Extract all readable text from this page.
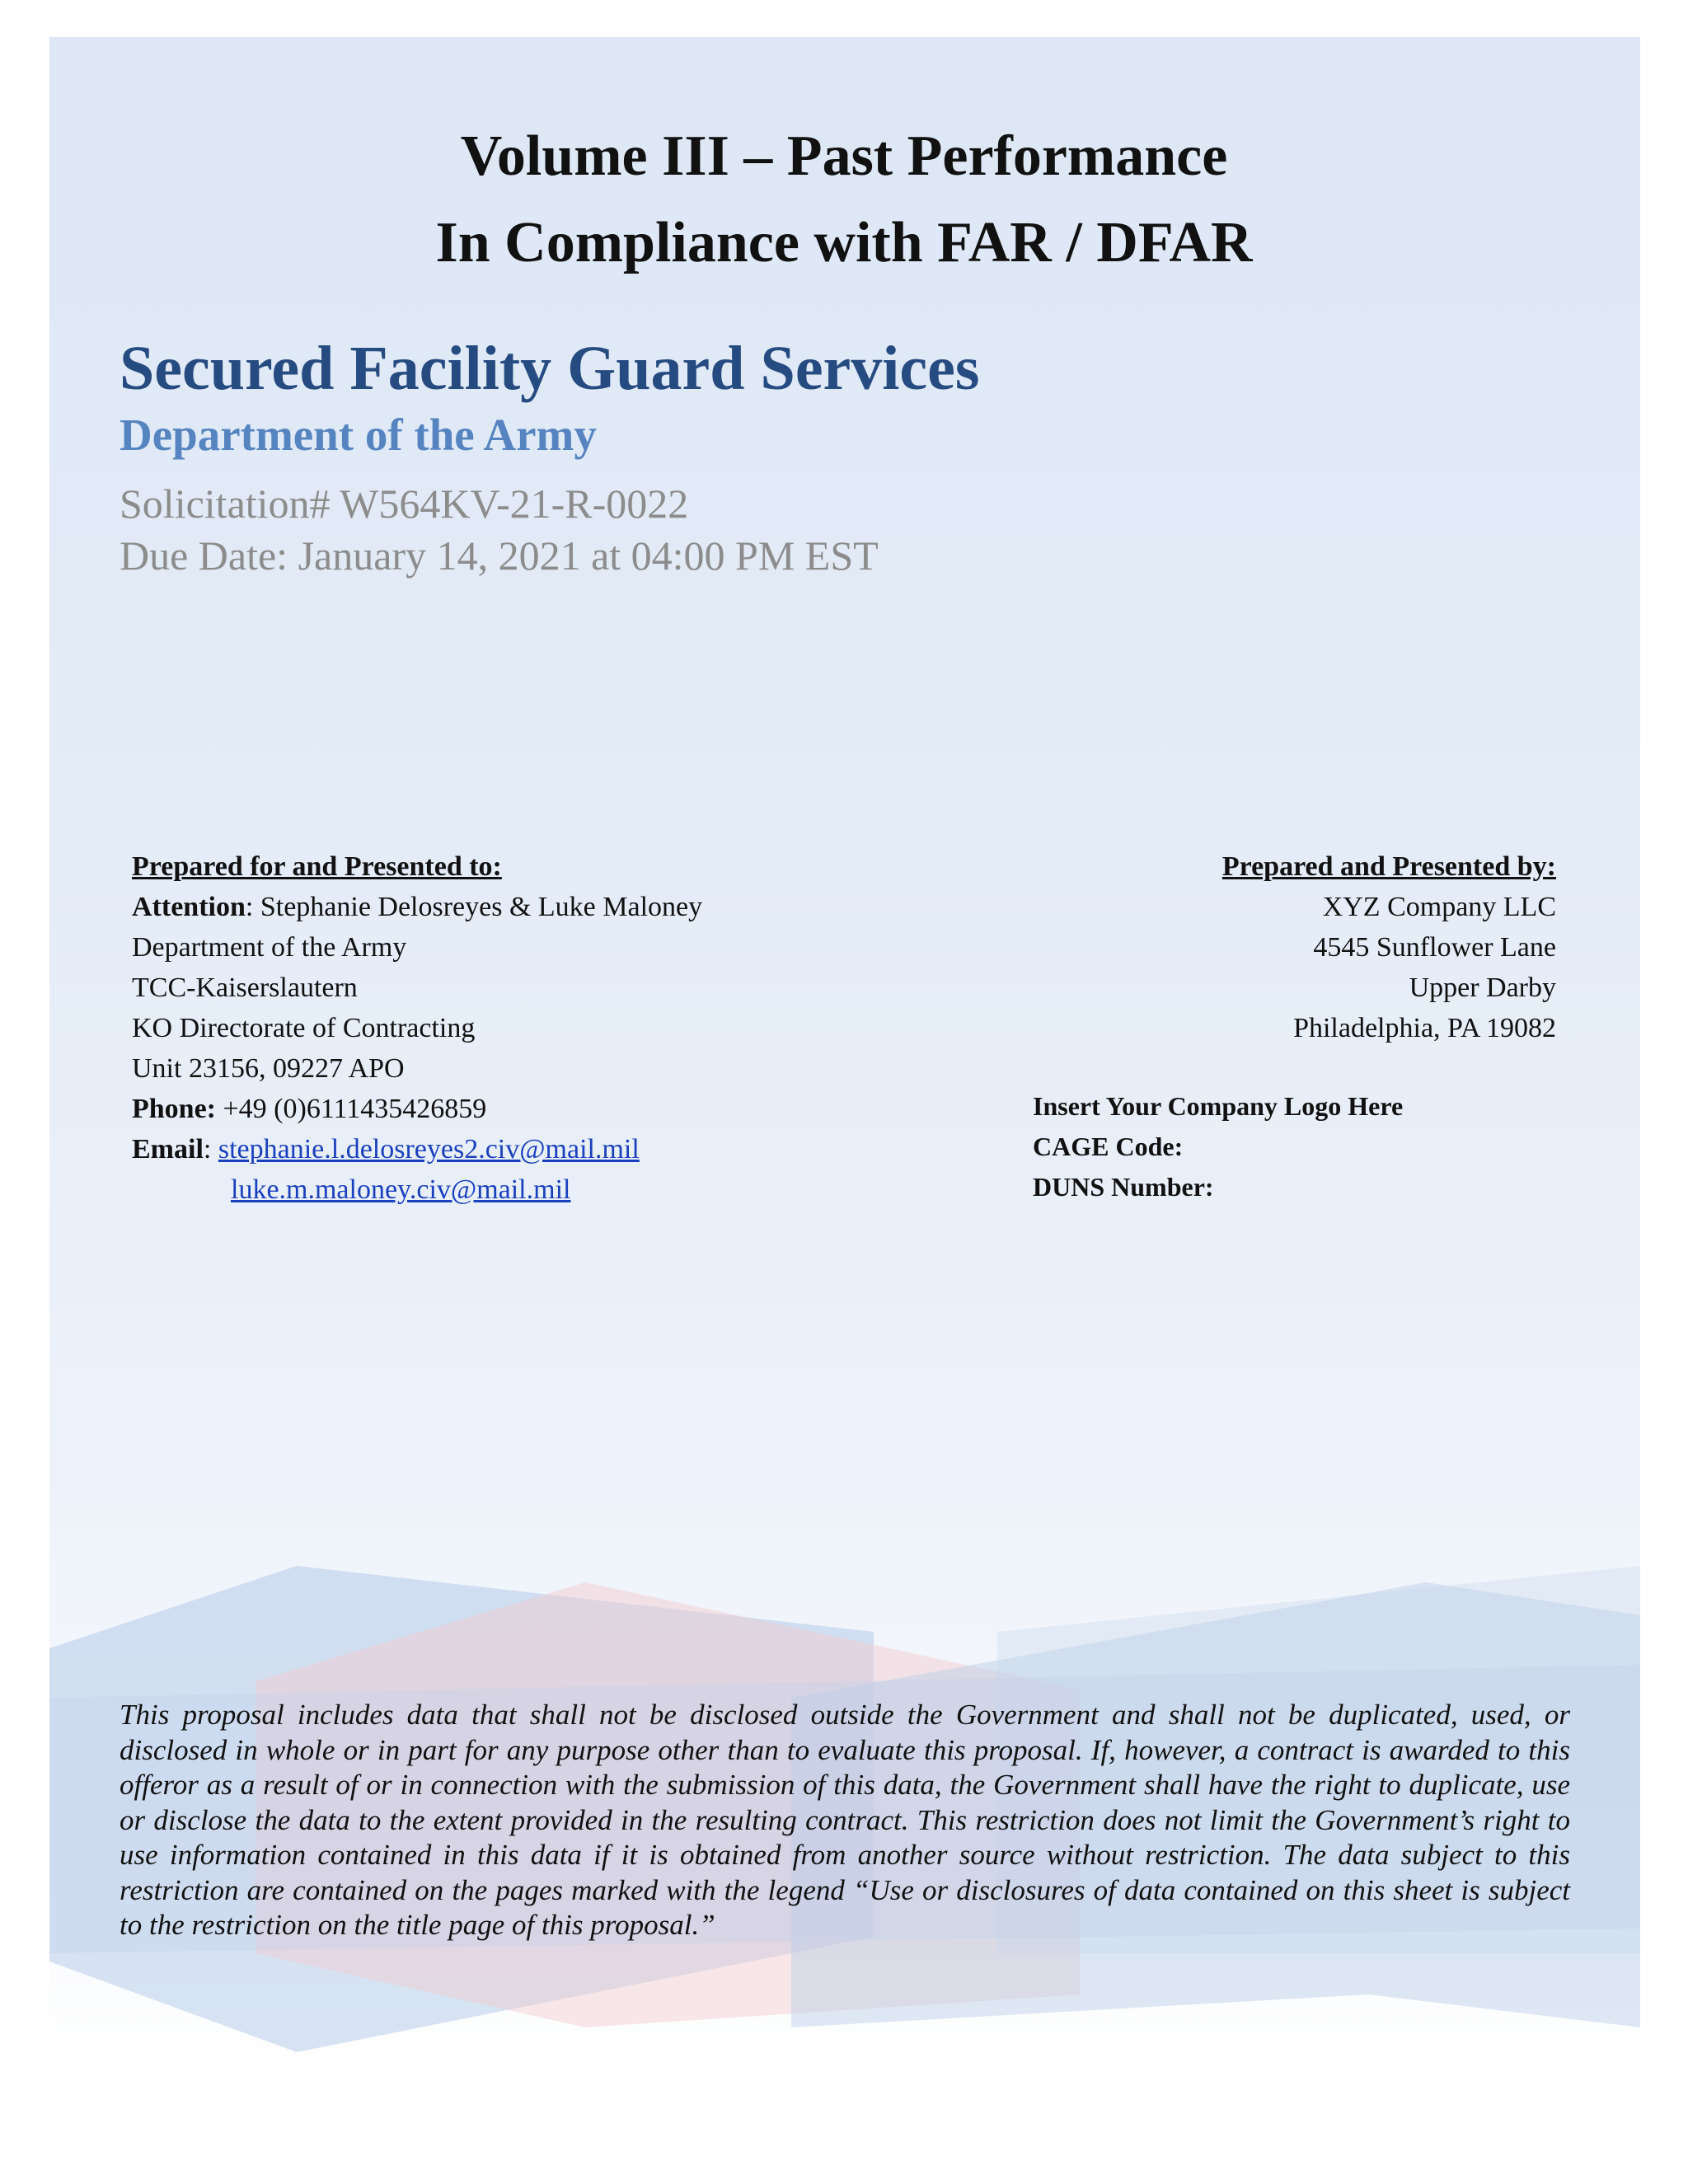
Volume III – Past Performance
In Compliance with FAR / DFAR
Secured Facility Guard Services
Department of the Army

Solicitation# W564KV-21-R-0022

Due Date: January 14, 2021 at 04:00 PM EST

Prepared for and Presented to:
Attention: Stephanie Delosreyes & Luke Maloney
Department of the Army
TCC-Kaiserslautern
KO Directorate of Contracting
Unit 23156, 09227 APO
Phone: +49 (0)6111435426859
Email: stephanie.l.delosreyes2.civ@mail.mil
luke.m.maloney.civ@mail.mil
Prepared and Presented by:
XYZ Company LLC
4545 Sunflower Lane
Upper Darby
Philadelphia, PA 19082
Insert Your Company Logo Here
CAGE Code:
DUNS Number:

This proposal includes data that shall not be disclosed outside the Government and shall not be duplicated, used, or disclosed in whole or in part for any purpose other than to evaluate this proposal. If, however, a contract is awarded to this offeror as a result of or in connection with the submission of this data, the Government shall have the right to duplicate, use or disclose the data to the extent provided in the resulting contract. This restriction does not limit the Government’s right to use information contained in this data if it is obtained from another source without restriction. The data subject to this restriction are contained on the pages marked with the legend “Use or disclosures of data contained on this sheet is subject to the restriction on the title page of this proposal.”
